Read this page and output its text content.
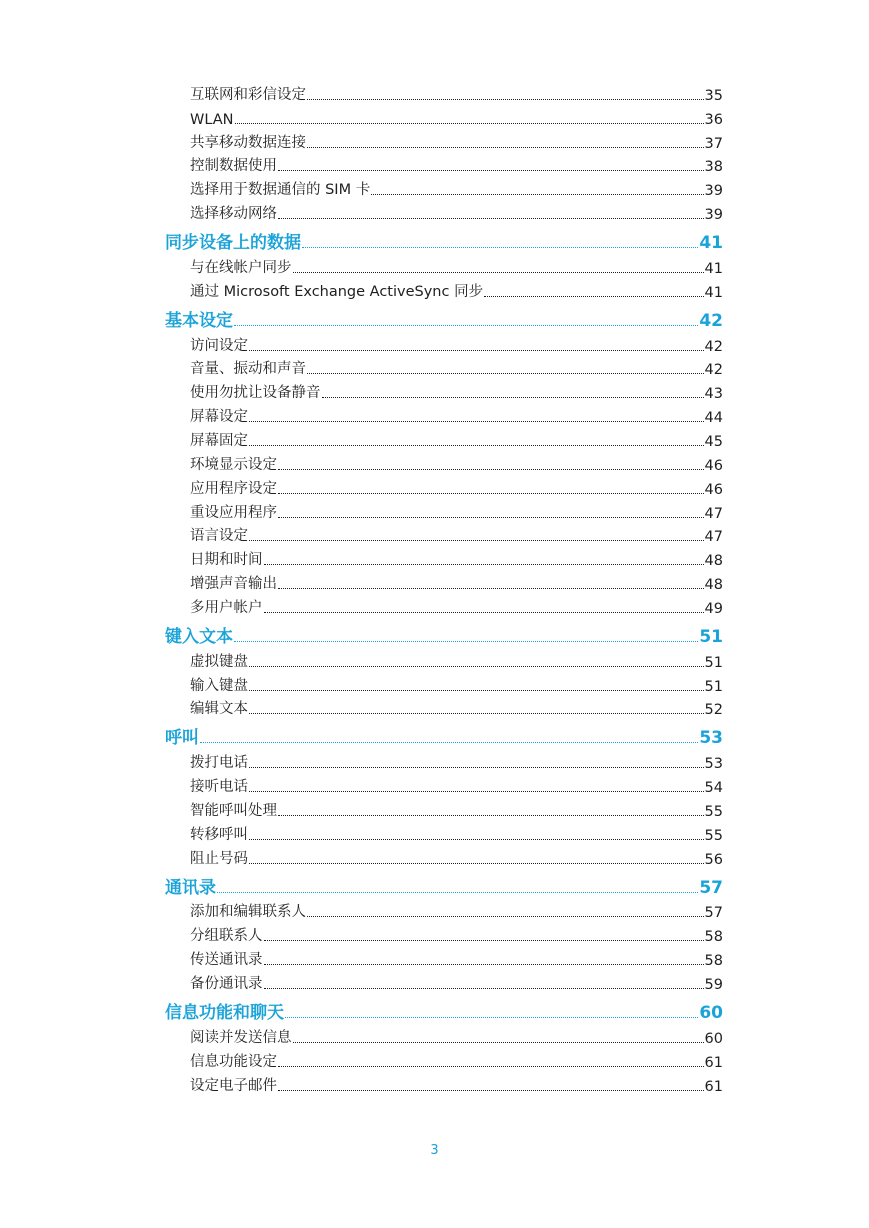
互联网和彩信设定	35
WLAN	36
共享移动数据连接	37
控制数据使用	38
选择用于数据通信的 SIM 卡	39
选择移动网络	39
同步设备上的数据	41
与在线帐户同步	41
通过 Microsoft Exchange ActiveSync 同步	41
基本设定	42
访问设定	42
音量、振动和声音	42
使用勿扰让设备静音	43
屏幕设定	44
屏幕固定	45
环境显示设定	46
应用程序设定	46
重设应用程序	47
语言设定	47
日期和时间	48
增强声音输出	48
多用户帐户	49
键入文本	51
虚拟键盘	51
输入键盘	51
编辑文本	52
呼叫	53
拨打电话	53
接听电话	54
智能呼叫处理	55
转移呼叫	55
阻止号码	56
通讯录	57
添加和编辑联系人	57
分组联系人	58
传送通讯录	58
备份通讯录	59
信息功能和聊天	60
阅读并发送信息	60
信息功能设定	61
设定电子邮件	61
3
